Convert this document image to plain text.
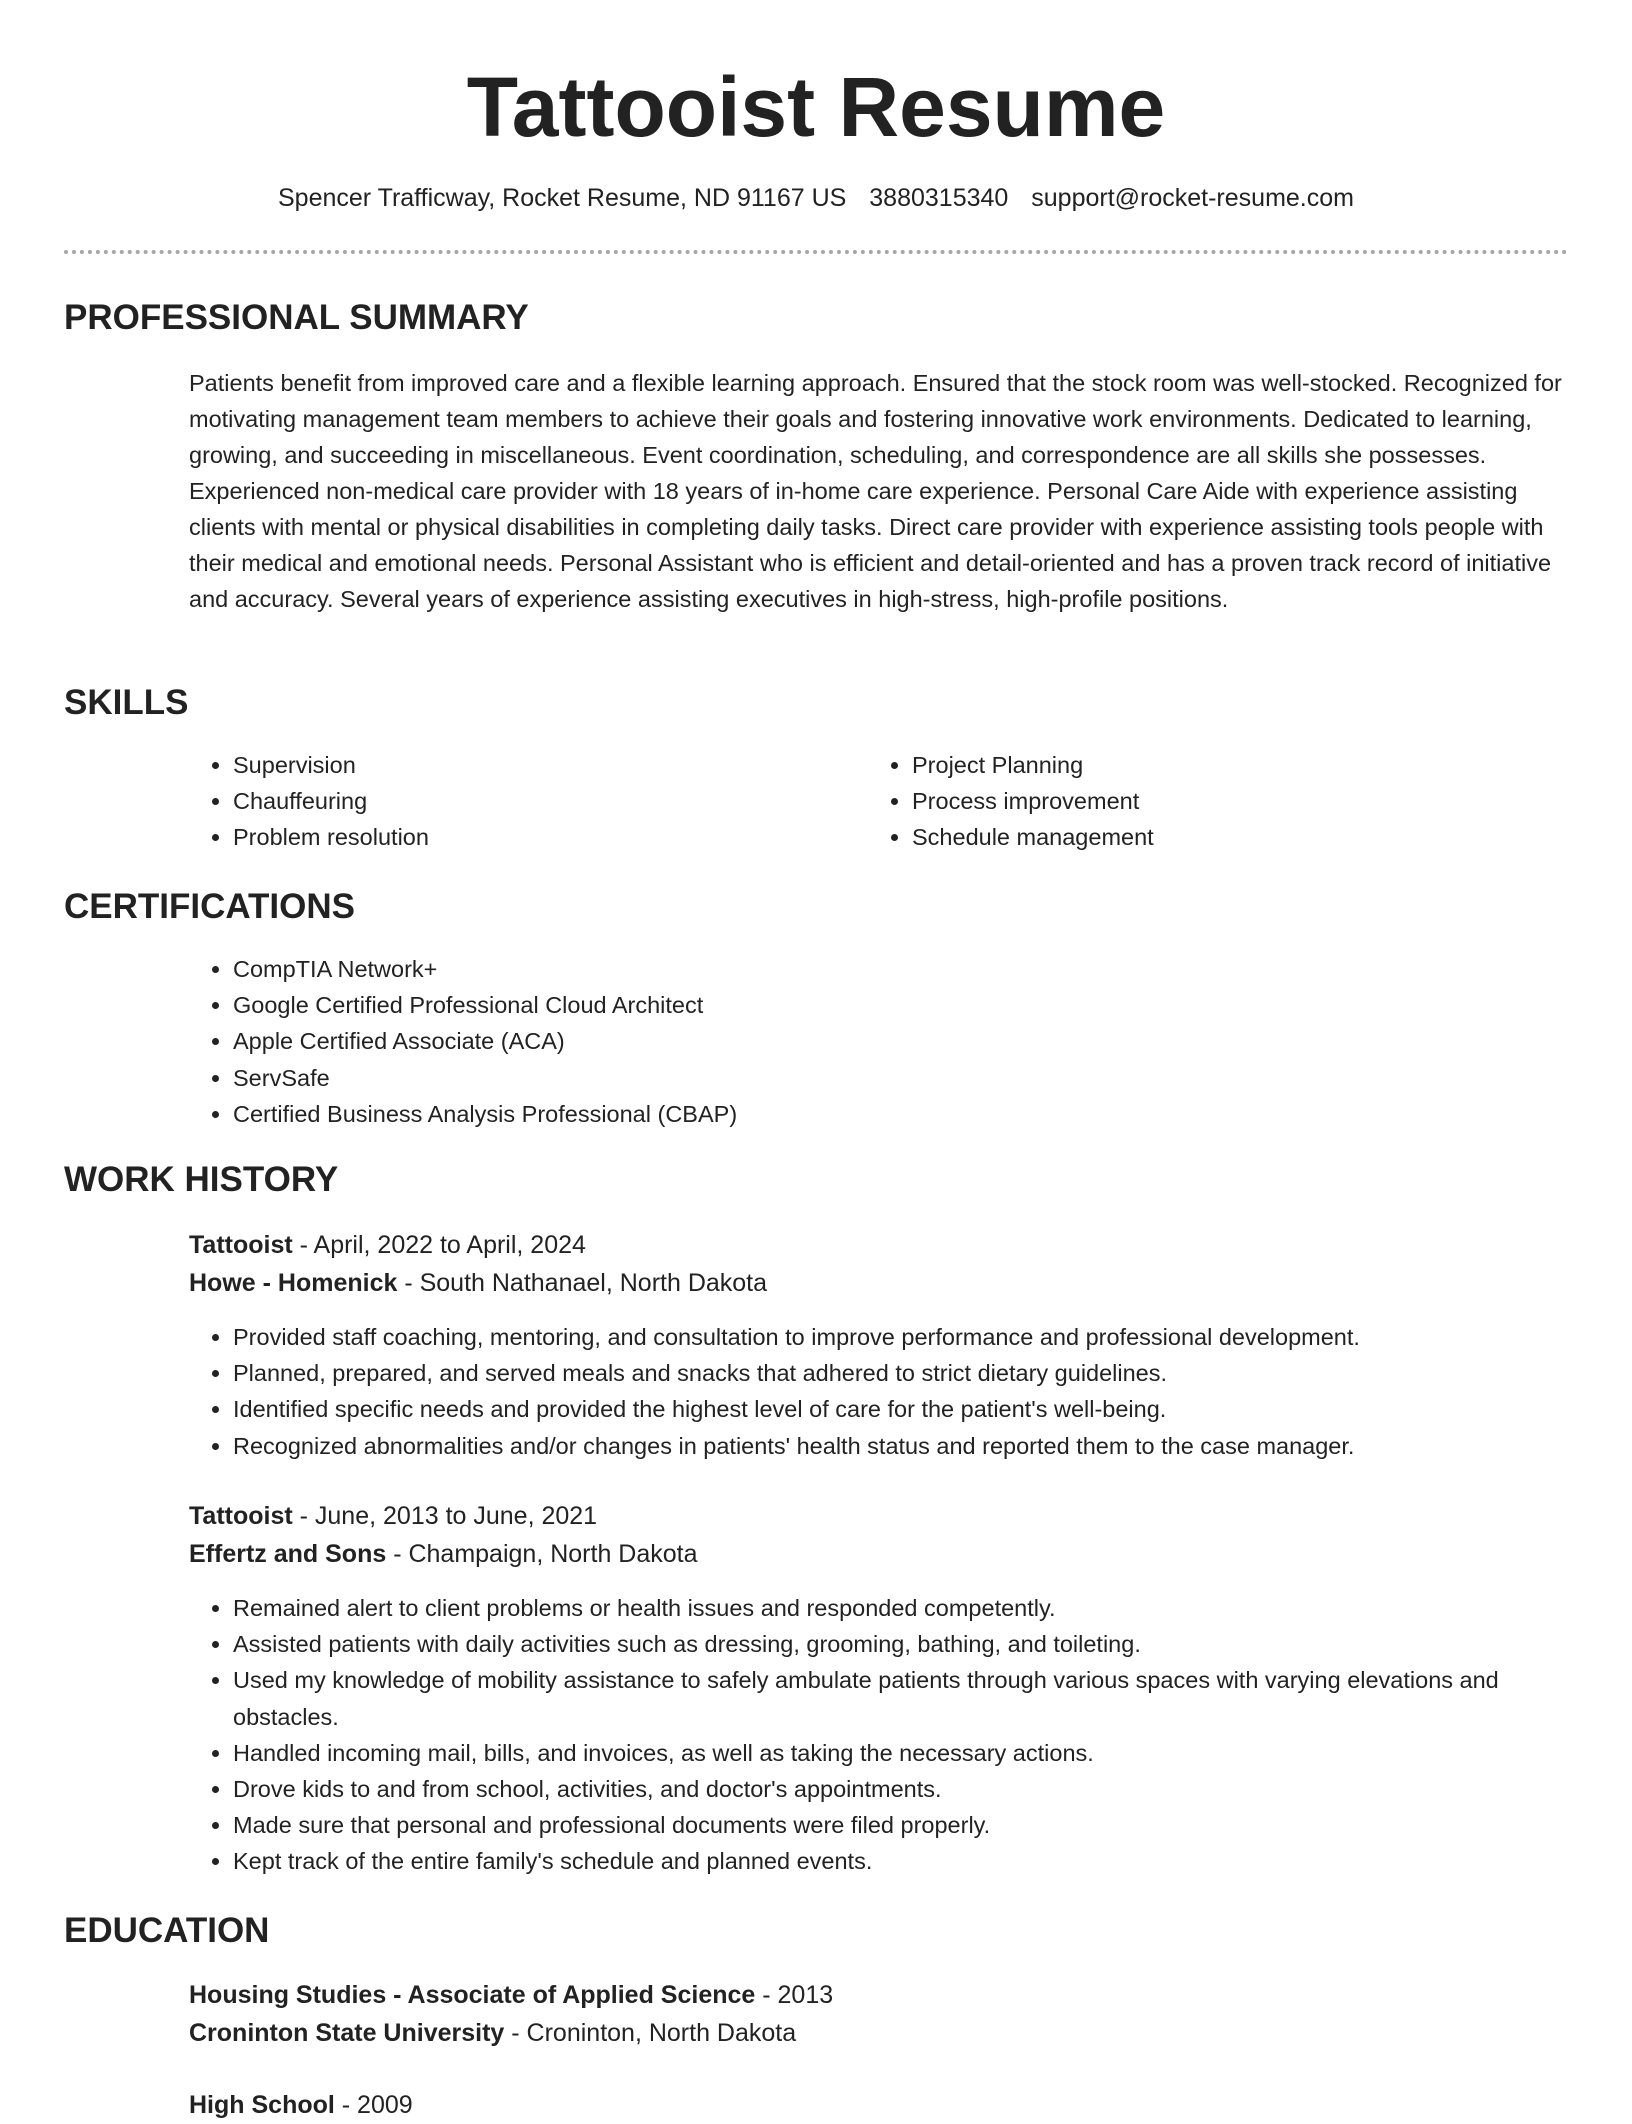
Tattooist Resume
Spencer Trafficway, Rocket Resume, ND 91167 US 3880315340 support@rocket-resume.com
PROFESSIONAL SUMMARY

Patients benefit from improved care and a flexible learning approach. Ensured that the stock room was well-stocked. Recognized for motivating management team members to achieve their goals and fostering innovative work environments. Dedicated to learning, growing, and succeeding in miscellaneous. Event coordination, scheduling, and correspondence are all skills she possesses. Experienced non-medical care provider with 18 years of in-home care experience. Personal Care Aide with experience assisting clients with mental or physical disabilities in completing daily tasks. Direct care provider with experience assisting tools people with their medical and emotional needs. Personal Assistant who is efficient and detail-oriented and has a proven track record of initiative and accuracy. Several years of experience assisting executives in high-stress, high-profile positions.

SKILLS
• Supervision
• Chauffeuring
• Problem resolution
• Project Planning
• Process improvement
• Schedule management
CERTIFICATIONS
• CompTIA Network+
• Google Certified Professional Cloud Architect
• Apple Certified Associate (ACA)
• ServSafe
• Certified Business Analysis Professional (CBAP)
WORK HISTORY

Tattooist - April, 2022 to April, 2024

Howe - Homenick - South Nathanael, North Dakota

• Provided staff coaching, mentoring, and consultation to improve performance and professional development.
• Planned, prepared, and served meals and snacks that adhered to strict dietary guidelines.
• Identified specific needs and provided the highest level of care for the patient's well-being.
• Recognized abnormalities and/or changes in patients' health status and reported them to the case manager.

Tattooist - June, 2013 to June, 2021

Effertz and Sons - Champaign, North Dakota

• Remained alert to client problems or health issues and responded competently.
• Assisted patients with daily activities such as dressing, grooming, bathing, and toileting.
• Used my knowledge of mobility assistance to safely ambulate patients through various spaces with varying elevations and obstacles.
• Handled incoming mail, bills, and invoices, as well as taking the necessary actions.
• Drove kids to and from school, activities, and doctor's appointments.
• Made sure that personal and professional documents were filed properly.
• Kept track of the entire family's schedule and planned events.
EDUCATION

Housing Studies - Associate of Applied Science - 2013

Croninton State University - Croninton, North Dakota

High School - 2009
